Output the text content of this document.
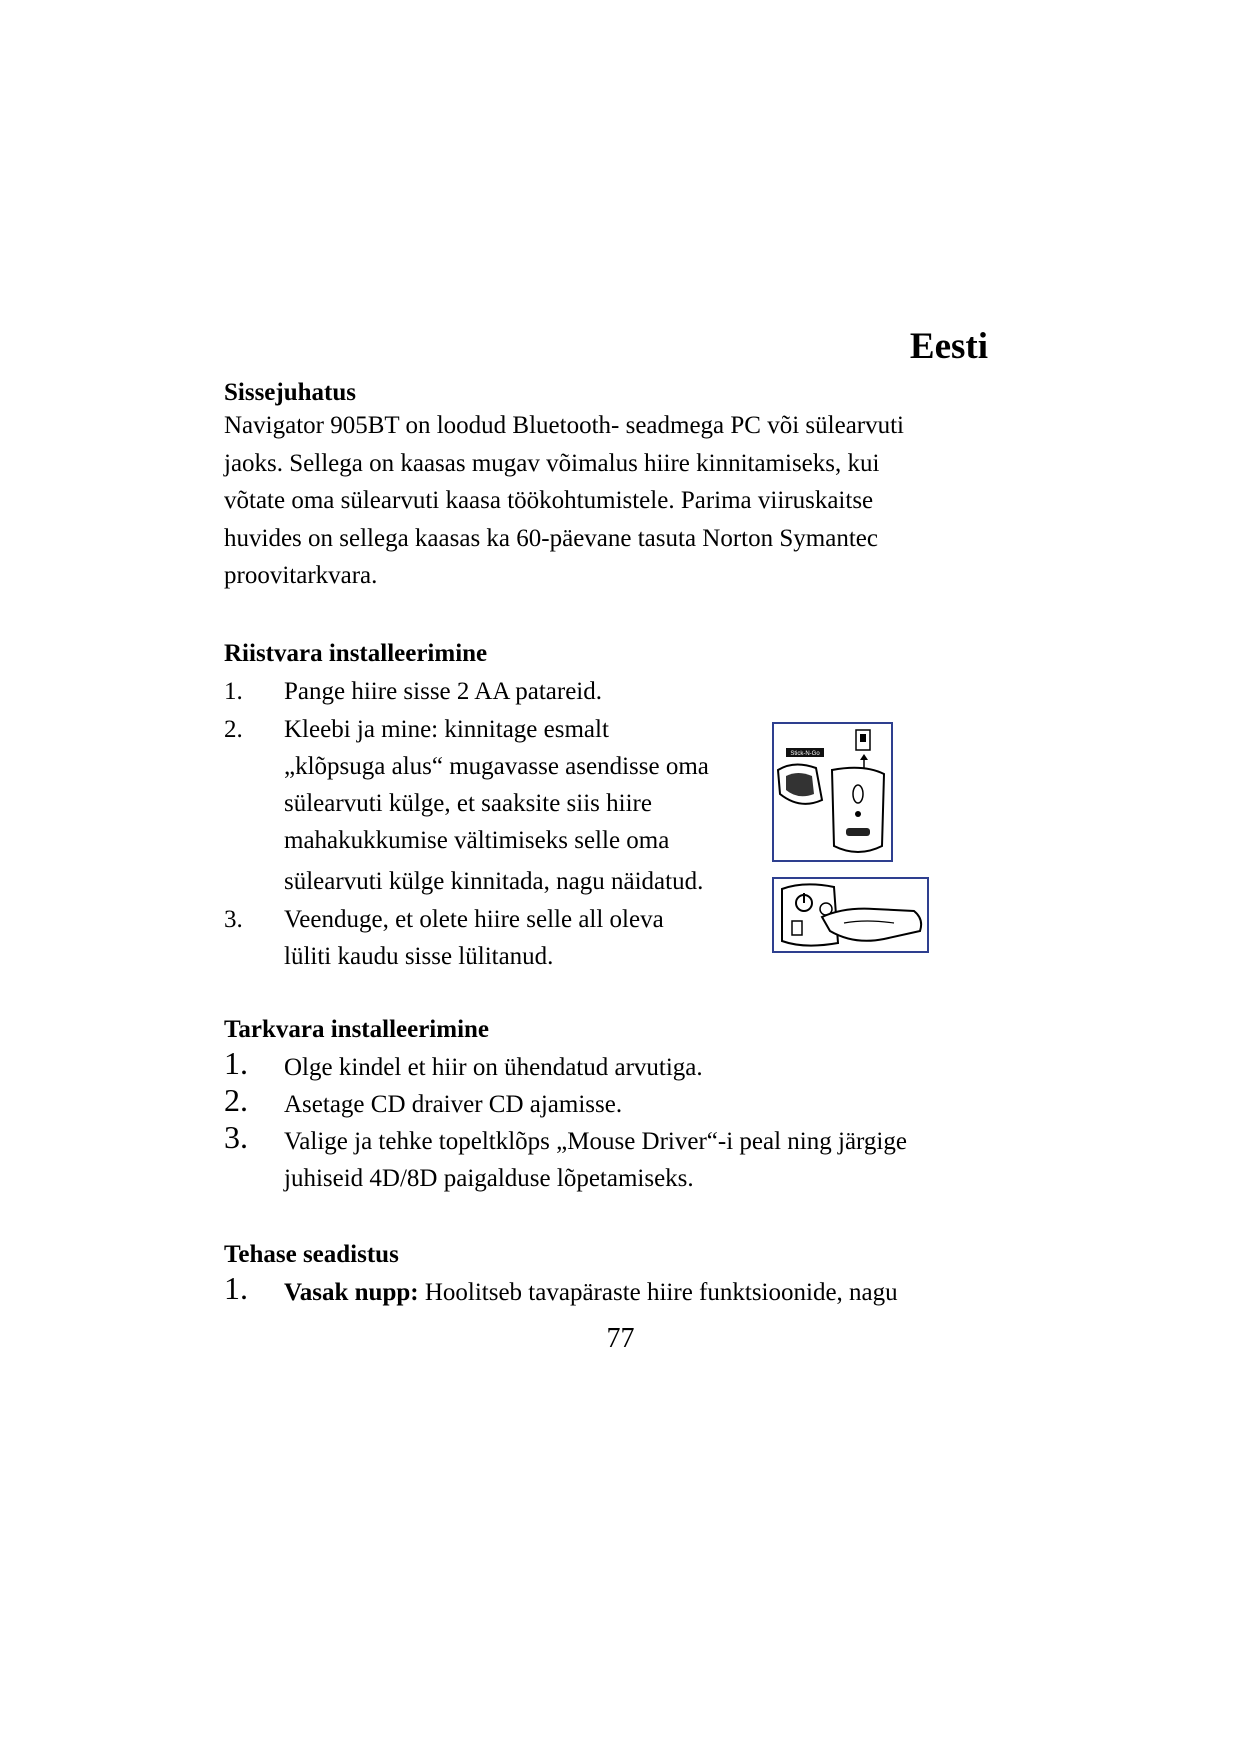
Eesti
Sissejuhatus
Navigator 905BT on loodud Bluetooth- seadmega PC või sülearvuti
jaoks. Sellega on kaasas mugav võimalus hiire kinnitamiseks, kui
võtate oma sülearvuti kaasa töökohtumistele. Parima viiruskaitse
huvides on sellega kaasas ka 60-päevane tasuta Norton Symantec
proovitarkvara.
Riistvara installeerimine
1. Pange hiire sisse 2 AA patareid.
2. Kleebi ja mine: kinnitage esmalt
„klõpsuga alus“ mugavasse asendisse oma
sülearvuti külge, et saaksite siis hiire
mahakukkumise vältimiseks selle oma
sülearvuti külge kinnitada, nagu näidatud.
3. Veenduge, et olete hiire selle all oleva
lüliti kaudu sisse lülitanud.
Stick-N-Go
Tarkvara installeerimine
1. Olge kindel et hiir on ühendatud arvutiga.
2. Asetage CD draiver CD ajamisse.
3. Valige ja tehke topeltklõps „Mouse Driver“-i peal ning järgige
juhiseid 4D/8D paigalduse lõpetamiseks.
Tehase seadistus
1. Vasak nupp: Hoolitseb tavapäraste hiire funktsioonide, nagu
77
